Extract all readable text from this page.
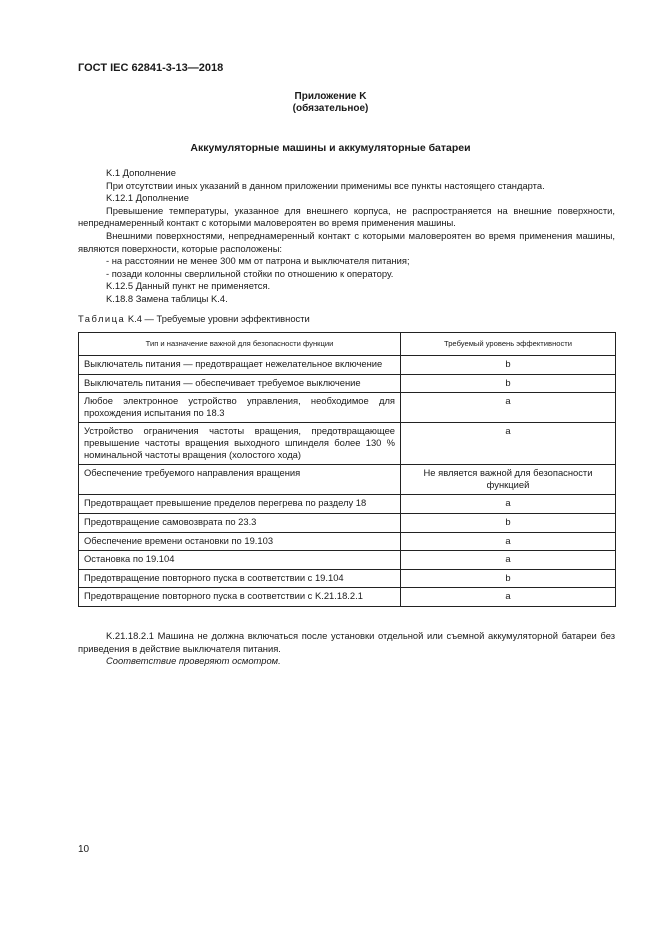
ГОСТ IEC 62841-3-13—2018
Приложение K
(обязательное)
Аккумуляторные машины и аккумуляторные батареи

K.1 Дополнение

При отсутствии иных указаний в данном приложении применимы все пункты настоящего стандарта.

K.12.1 Дополнение

Превышение температуры, указанное для внешнего корпуса, не распространяется на внешние поверхности, непреднамеренный контакт с которыми маловероятен во время применения машины.

Внешними поверхностями, непреднамеренный контакт с которыми маловероятен во время применения машины, являются поверхности, которые расположены:

- на расстоянии не менее 300 мм от патрона и выключателя питания;

- позади колонны сверлильной стойки по отношению к оператору.

K.12.5 Данный пункт не применяется.

K.18.8 Замена таблицы K.4.

Таблица K.4 — Требуемые уровни эффективности
Тип и назначение важной для безопасности функции	Требуемый уровень эффективности
Выключатель питания — предотвращает нежелательное включение	b
Выключатель питания — обеспечивает требуемое выключение	b
Любое электронное устройство управления, необходимое для прохождения испытания по 18.3	a
Устройство ограничения частоты вращения, предотвращающее превышение частоты вращения выходного шпинделя более 130 % номинальной частоты вращения (холостого хода)	a
Обеспечение требуемого направления вращения	Не является важной для безопасности функцией
Предотвращает превышение пределов перегрева по разделу 18	a
Предотвращение самовозврата по 23.3	b
Обеспечение времени остановки по 19.103	a
Остановка по 19.104	a
Предотвращение повторного пуска в соответствии с 19.104	b
Предотвращение повторного пуска в соответствии с K.21.18.2.1	a

K.21.18.2.1 Машина не должна включаться после установки отдельной или съемной аккумуляторной батареи без приведения в действие выключателя питания.

Соответствие проверяют осмотром.

10
